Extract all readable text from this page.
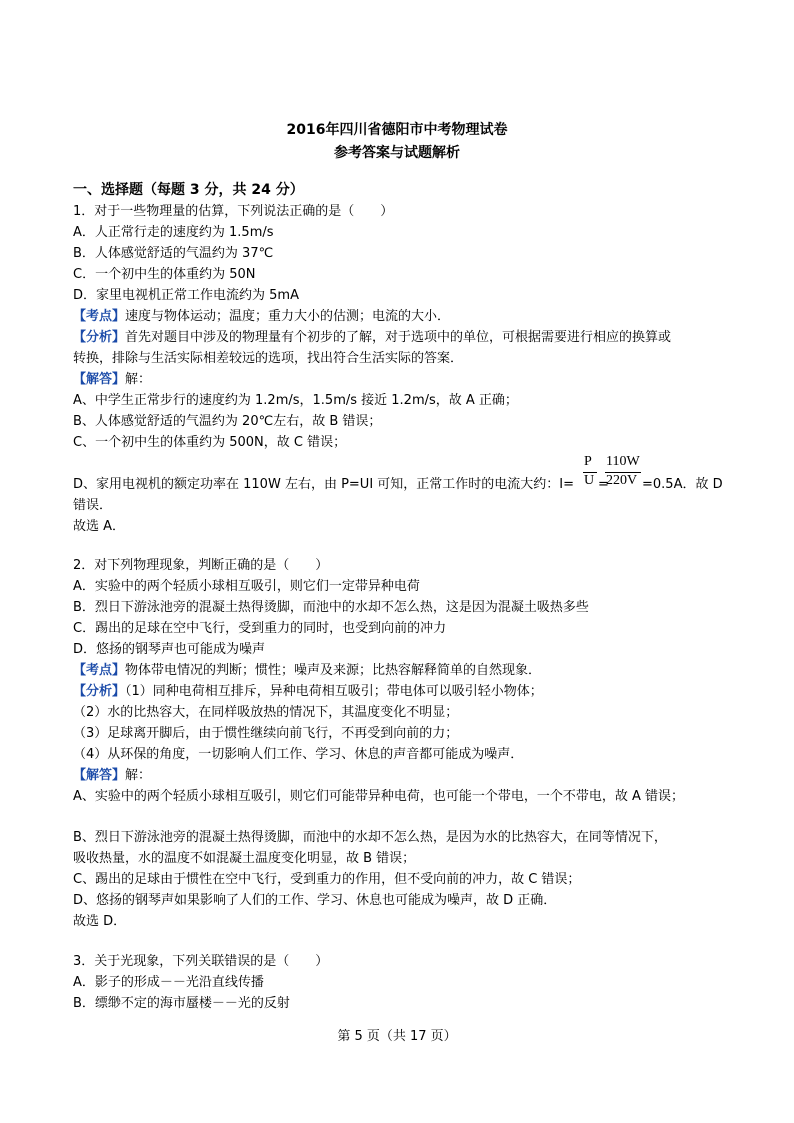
2016年四川省德阳市中考物理试卷
参考答案与试题解析
一、选择题（每题 3 分，共 24 分）
1．对于一些物理量的估算，下列说法正确的是（　　）
A．人正常行走的速度约为 1.5m/s
B．人体感觉舒适的气温约为 37℃
C．一个初中生的体重约为 50N
D．家里电视机正常工作电流约为 5mA
【考点】速度与物体运动；温度；重力大小的估测；电流的大小．
【分析】首先对题目中涉及的物理量有个初步的了解，对于选项中的单位，可根据需要进行相应的换算或
转换，排除与生活实际相差较远的选项，找出符合生活实际的答案．
【解答】解：
A、中学生正常步行的速度约为 1.2m/s，1.5m/s 接近 1.2m/s，故 A 正确；
B、人体感觉舒适的气温约为 20℃左右，故 B 错误；
C、一个初中生的体重约为 500N，故 C 错误；
D、家用电视机的额定功率在 110W 左右，由 P=UI 可知，正常工作时的电流大约：I=
P
U =
110W
220V =0.5A．故 D
错误．
故选 A．
2．对下列物理现象，判断正确的是（　　）
A．实验中的两个轻质小球相互吸引，则它们一定带异种电荷
B．烈日下游泳池旁的混凝土热得烫脚，而池中的水却不怎么热，这是因为混凝土吸热多些
C．踢出的足球在空中飞行，受到重力的同时，也受到向前的冲力
D．悠扬的钢琴声也可能成为噪声
【考点】物体带电情况的判断；惯性；噪声及来源；比热容解释简单的自然现象．
【分析】（1）同种电荷相互排斥，异种电荷相互吸引；带电体可以吸引轻小物体；
（2）水的比热容大，在同样吸放热的情况下，其温度变化不明显；
（3）足球离开脚后，由于惯性继续向前飞行，不再受到向前的力；
（4）从环保的角度，一切影响人们工作、学习、休息的声音都可能成为噪声．
【解答】解：
A、实验中的两个轻质小球相互吸引，则它们可能带异种电荷，也可能一个带电，一个不带电，故 A 错误；
B、烈日下游泳池旁的混凝土热得烫脚，而池中的水却不怎么热，是因为水的比热容大，在同等情况下，
吸收热量，水的温度不如混凝土温度变化明显，故 B 错误；
C、踢出的足球由于惯性在空中飞行，受到重力的作用，但不受向前的冲力，故 C 错误；
D、悠扬的钢琴声如果影响了人们的工作、学习、休息也可能成为噪声，故 D 正确．
故选 D．
3．关于光现象，下列关联错误的是（　　）
A．影子的形成－－光沿直线传播
B．缥缈不定的海市蜃楼－－光的反射
第 5 页（共 17 页）
